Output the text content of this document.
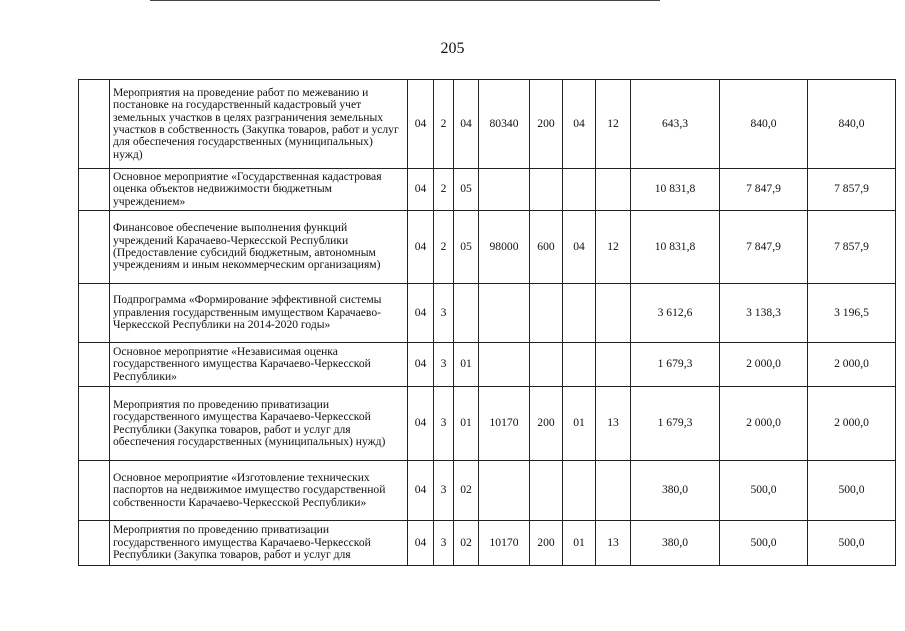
205
	Мероприятия на проведение работ по межеванию и постановке на государственный кадастровый учет земельных участков в целях разграничения земельных участков в собственность (Закупка товаров, работ и услуг для обеспечения государственных (муниципальных) нужд)	04	2	04	80340	200	04	12	643,3	840,0	840,0
	Основное мероприятие «Государственная кадастровая оценка объектов недвижимости бюджетным учреждением»	04	2	05					10 831,8	7 847,9	7 857,9
	Финансовое обеспечение выполнения функций учреждений Карачаево-Черкесской Республики (Предоставление субсидий бюджетным, автономным учреждениям и иным некоммерческим организациям)	04	2	05	98000	600	04	12	10 831,8	7 847,9	7 857,9
	Подпрограмма «Формирование эффективной системы управления государственным имуществом Карачаево-Черкесской Республики на 2014-2020 годы»	04	3						3 612,6	3 138,3	3 196,5
	Основное мероприятие «Независимая оценка государственного имущества Карачаево-Черкесской Республики»	04	3	01					1 679,3	2 000,0	2 000,0
	Мероприятия по проведению приватизации государственного имущества Карачаево-Черкесской Республики (Закупка товаров, работ и услуг для обеспечения государственных (муниципальных) нужд)	04	3	01	10170	200	01	13	1 679,3	2 000,0	2 000,0
	Основное мероприятие «Изготовление технических паспортов на недвижимое имущество государственной собственности Карачаево-Черкесской Республики»	04	3	02					380,0	500,0	500,0
	Мероприятия по проведению приватизации государственного имущества Карачаево-Черкесской Республики (Закупка товаров, работ и услуг для	04	3	02	10170	200	01	13	380,0	500,0	500,0
